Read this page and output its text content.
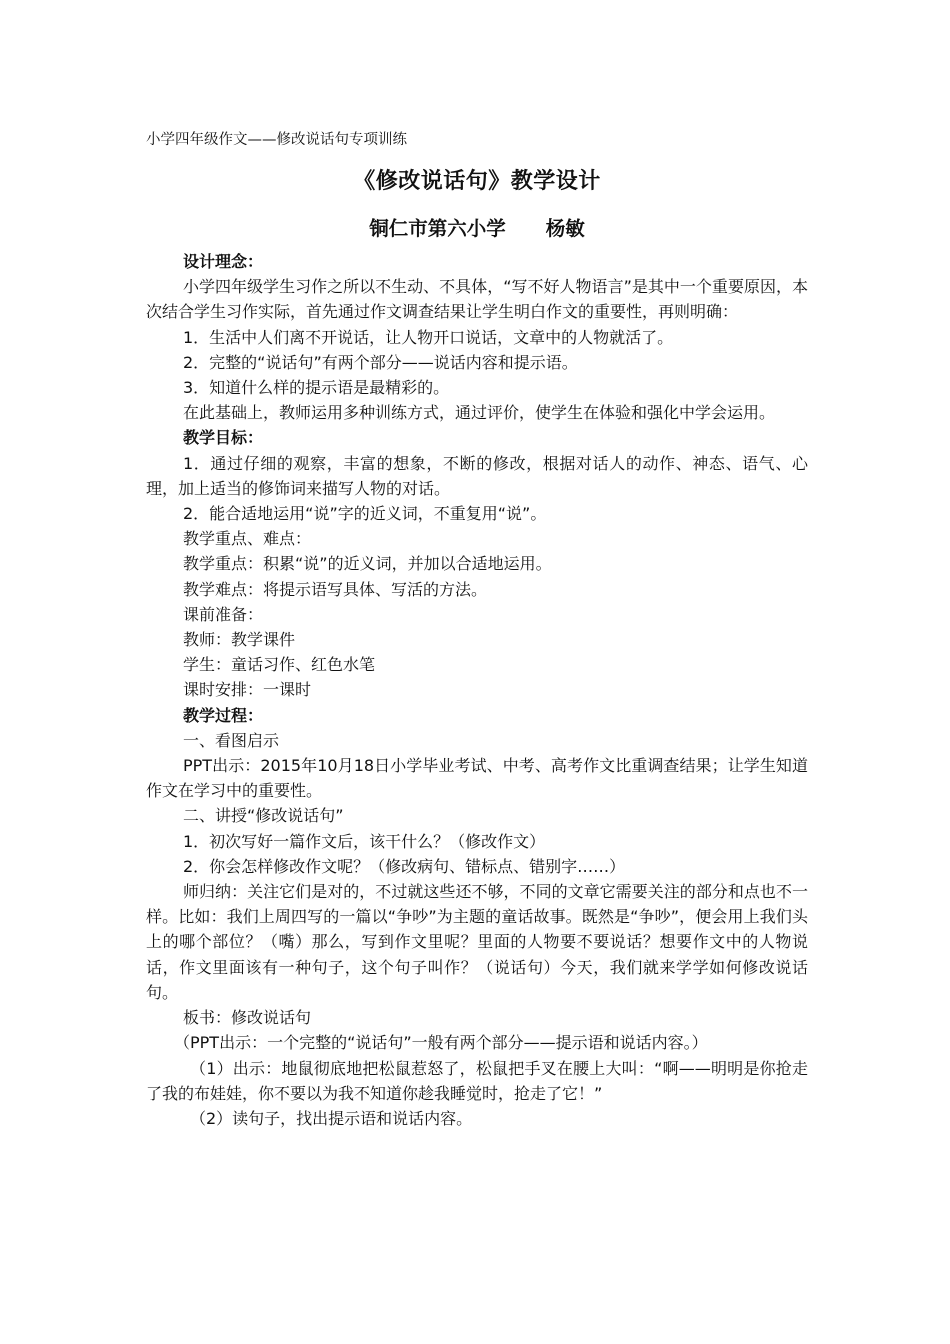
小学四年级作文——修改说话句专项训练
《修改说话句》教学设计
铜仁市第六小学 杨敏

设计理念：

小学四年级学生习作之所以不生动、不具体，“写不好人物语言”是其中一个重要原因，本次结合学生习作实际，首先通过作文调查结果让学生明白作文的重要性，再则明确：

1．生活中人们离不开说话，让人物开口说话，文章中的人物就活了。

2．完整的“说话句”有两个部分——说话内容和提示语。

3．知道什么样的提示语是最精彩的。

在此基础上，教师运用多种训练方式，通过评价，使学生在体验和强化中学会运用。

教学目标：

1．通过仔细的观察，丰富的想象，不断的修改，根据对话人的动作、神态、语气、心理，加上适当的修饰词来描写人物的对话。

2．能合适地运用“说”字的近义词，不重复用“说”。

教学重点、难点：

教学重点：积累“说”的近义词，并加以合适地运用。

教学难点：将提示语写具体、写活的方法。

课前准备：

教师：教学课件

学生：童话习作、红色水笔

课时安排：一课时

教学过程：

一、看图启示

PPT出示：2015年10月18日小学毕业考试、中考、高考作文比重调查结果；让学生知道作文在学习中的重要性。

二、讲授“修改说话句”

1．初次写好一篇作文后，该干什么？（修改作文）

2．你会怎样修改作文呢？（修改病句、错标点、错别字……）

师归纳：关注它们是对的，不过就这些还不够，不同的文章它需要关注的部分和点也不一样。比如：我们上周四写的一篇以“争吵”为主题的童话故事。既然是“争吵”，便会用上我们头上的哪个部位？（嘴）那么，写到作文里呢？里面的人物要不要说话？想要作文中的人物说话，作文里面该有一种句子，这个句子叫作？（说话句）今天，我们就来学学如何修改说话句。

板书：修改说话句

（PPT出示：一个完整的“说话句”一般有两个部分——提示语和说话内容。）

（1）出示：地鼠彻底地把松鼠惹怒了，松鼠把手叉在腰上大叫：“啊——明明是你抢走了我的布娃娃，你不要以为我不知道你趁我睡觉时，抢走了它！”

（2）读句子，找出提示语和说话内容。
